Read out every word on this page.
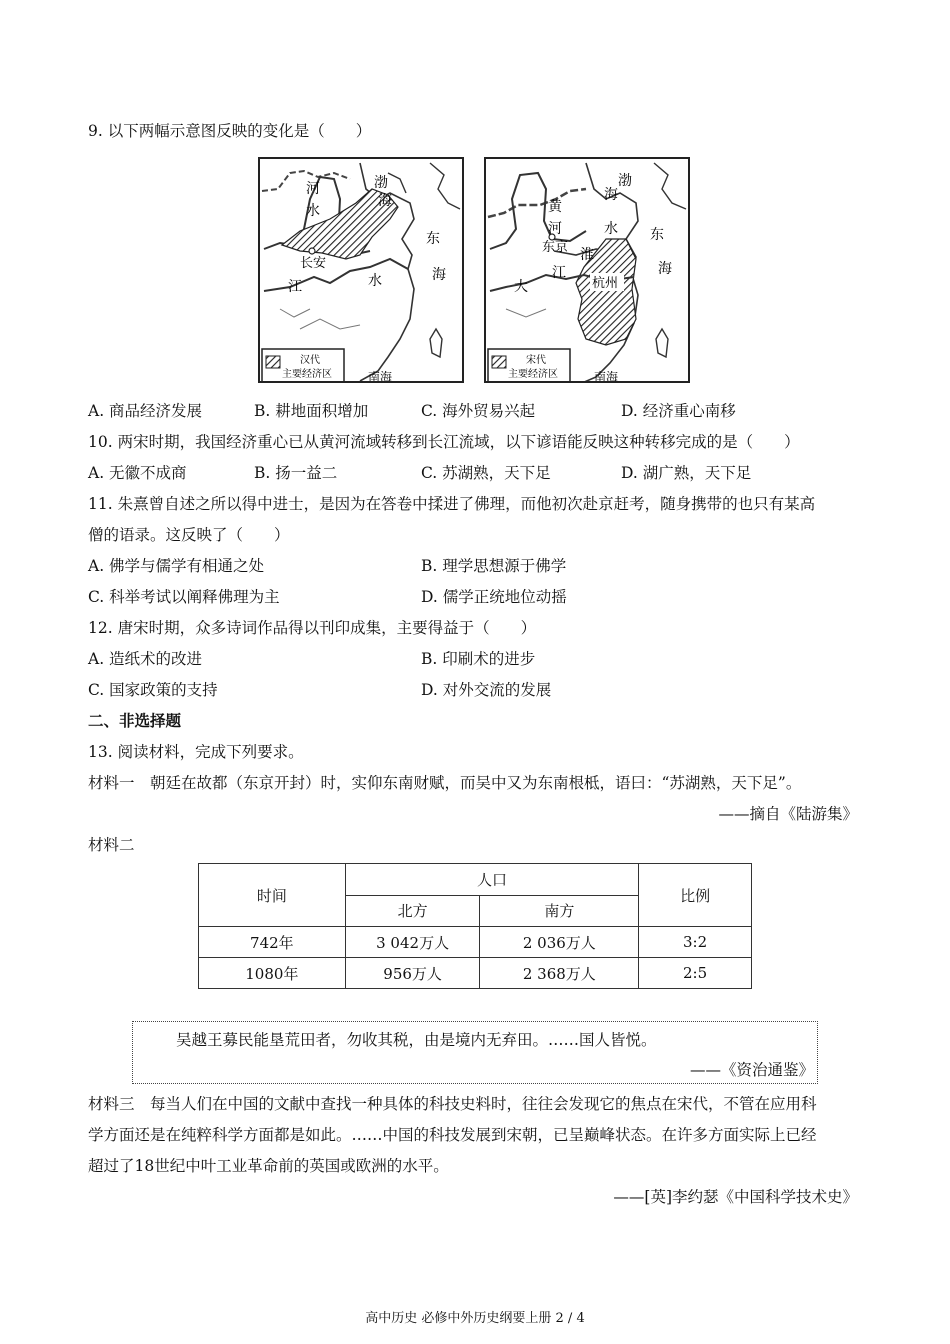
9. 以下两幅示意图反映的变化是（　　）
河
水
渤
海
东
海
长安
江	水
汉代
主要经济区	南海
黄
河
渤
海
东京 淮
水 东
海
江
大	杭州
宋代
主要经济区	南海
A. 商品经济发展	B. 耕地面积增加	C. 海外贸易兴起	D. 经济重心南移
10. 两宋时期，我国经济重心已从黄河流域转移到长江流域，以下谚语能反映这种转移完成的是（　　）
A. 无徽不成商	B. 扬一益二	C. 苏湖熟，天下足	D. 湖广熟，天下足
11. 朱熹曾自述之所以得中进士，是因为在答卷中揉进了佛理，而他初次赴京赶考，随身携带的也只有某高
僧的语录。这反映了（　　）
A. 佛学与儒学有相通之处	B. 理学思想源于佛学
C. 科举考试以阐释佛理为主	D. 儒学正统地位动摇
12. 唐宋时期，众多诗词作品得以刊印成集，主要得益于（　　）
A. 造纸术的改进	B. 印刷术的进步
C. 国家政策的支持	D. 对外交流的发展
二、非选择题
13. 阅读材料，完成下列要求。
材料一　朝廷在故都（东京开封）时，实仰东南财赋，而吴中又为东南根柢，语曰：“苏湖熟，天下足”。
——摘自《陆游集》
材料二
时间	人口		比例
	北方	南方	
742年	3 042万人	2 036万人	3:2
1080年	956万人	2 368万人	2:5
吴越王募民能垦荒田者，勿收其税，由是境内无弃田。……国人皆悦。
——《资治通鉴》
材料三　每当人们在中国的文献中查找一种具体的科技史料时，往往会发现它的焦点在宋代，不管在应用科
学方面还是在纯粹科学方面都是如此。……中国的科技发展到宋朝，已呈巅峰状态。在许多方面实际上已经
超过了18世纪中叶工业革命前的英国或欧洲的水平。
——[英]李约瑟《中国科学技术史》
高中历史 必修中外历史纲要上册 2 / 4
